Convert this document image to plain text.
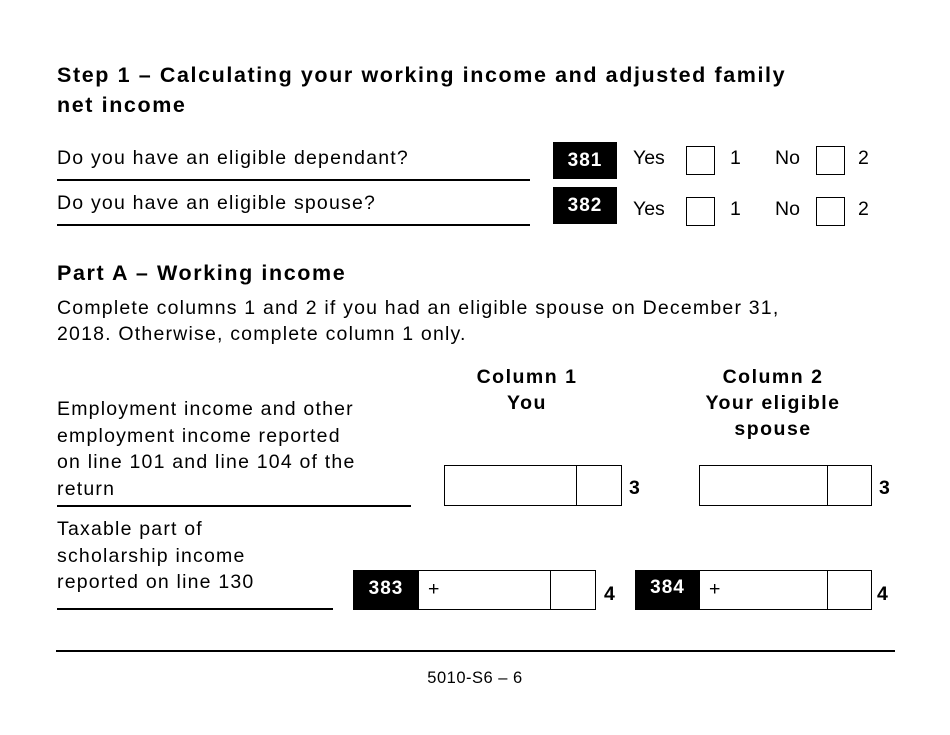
Step 1 – Calculating your working income and adjusted family
net income
Do you have an eligible dependant?	381	Yes	1 No	2
Do you have an eligible spouse?	382	Yes	1 No	2
Part A – Working income
Complete columns 1 and 2 if you had an eligible spouse on December 31,
2018. Otherwise, complete column 1 only.
Column 1
You
Column 2
Your eligible
spouse
Employment income and other
employment income reported
on line 101 and line 104 of the
return	3	3
Taxable part of
scholarship income
reported on line 130	383	+	4	384	+	4
5010-S6 – 6
